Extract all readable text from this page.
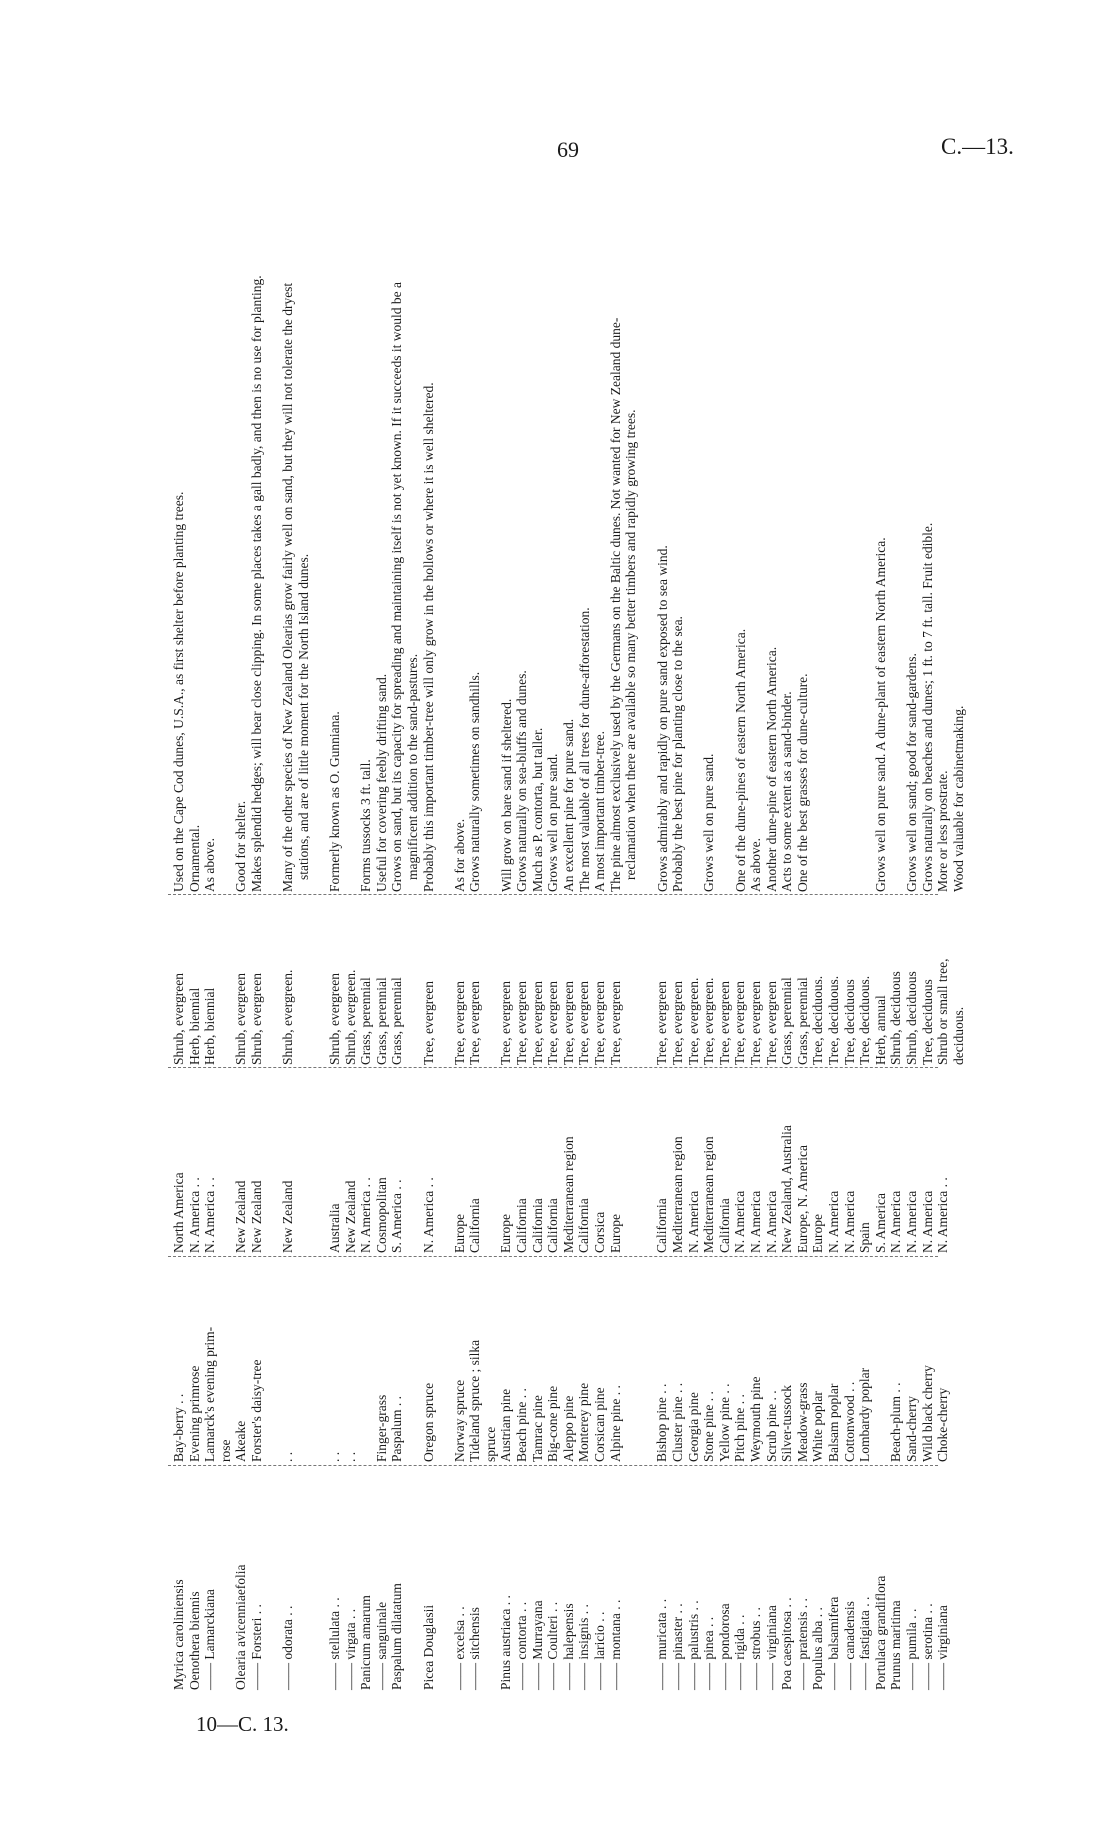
69	C.—13.
10—C. 13.
Myrica caroliniensis Oenothera biennis —— Lamarckiana Olearia avicenniaefolia —— Forsteri . . —— odorata . . —— stellulata . . —— virgata . . Panicum amarum —— sanguinale Paspalum dilatatum Picea Douglasii —— excelsa . . —— sitchensis Pinus austriaca . . —— contorta . . —— Murrayana —— Coulteri . . —— halepensis —— insignis . . —— laricio . . —— montana . . —— muricata . . —— pinaster . . —— palustris . . —— pinea . . —— pondorosa —— rigida . . —— strobus . . —— virginiana Poa caespitosa . . —— pratensis . . Populus alba . . —— balsamifera —— canadensis —— fastigiata . . Portulaca grandiflora Prunus maritima —— pumila . . —— serotina . . —— virginiana
Bay-berry . . Evening primrose Lamarck's evening prim- rose Akeake Forster's daisy-tree . . . . . . Finger-grass Paspalum . . Oregon spruce Norway spruce Tideland spruce ; silka spruce Austrian pine Beach pine . . Tamrac pine Big-cone pine Aleppo pine Monterey pine Corsican pine Alpine pine . . Bishop pine . . Cluster pine . . Georgia pine Stone pine . . Yellow pine . . Pitch pine . . Weymouth pine Scrub pine . . Silver-tussock Meadow-grass White poplar Balsam poplar Cottonwood . . Lombardy poplar Beach-plum . . Sand-cherry Wild black cherry Choke-cherry
North America N. America . . N. America . . New Zealand New Zealand New Zealand Australia New Zealand N. America . . Cosmopolitan S. America . . N. America . . Europe California Europe California California California Mediterranean region California Corsica Europe California Mediterranean region N. America Mediterranean region California N. America N. America N. America New Zealand, Australia Europe, N. America Europe N. America N. America Spain S. America N. America N. America N. America N. America . .
Shrub, evergreen Herb, biennial Herb, biennial Shrub, evergreen Shrub, evergreen Shrub, evergreen. Shrub, evergreen Shrub, evergreen. Grass, perennial Grass, perennial Grass, perennial Tree, evergreen Tree, evergreen Tree, evergreen Tree, evergreen Tree, evergreen Tree, evergreen Tree, evergreen Tree, evergreen Tree, evergreen Tree, evergreen Tree, evergreen Tree, evergreen Tree, evergreen Tree, evergreen. Tree, evergreen. Tree, evergreen Tree, evergreen Tree, evergreen Tree, evergreen Grass, perennial Grass, perennial Tree, deciduous. Tree, deciduous. Tree, deciduous Tree, deciduous. Herb, annual Shrub, deciduous Shrub, deciduous Tree, deciduous Shrub or small tree, deciduous.
Used on the Cape Cod dunes, U.S.A., as first shelter before planting trees. Ornamental. As above. Good for shelter. Makes splendid hedges; will bear close clipping. In some places takes a gall badly, and then is no use for planting. Many of the other species of New Zealand Olearias grow fairly well on sand, but they will not tolerate the dryest stations, and are of little moment for the North Island dunes. Formerly known as O. Gunniana. Forms tussocks 3 ft. tall. Useful for covering feebly drifting sand. Grows on sand, but its capacity for spreading and maintaining itself is not yet known. If it succeeds it would be a magnificent addition to the sand-pastures. Probably this important timber-tree will only grow in the hollows or where it is well sheltered. As for above. Grows naturally sometimes on sandhills. Will grow on bare sand if sheltered. Grows naturally on sea-bluffs and dunes. Much as P. contorta, but taller. Grows well on pure sand. An excellent pine for pure sand. The most valuable of all trees for dune-afforestation. A most important timber-tree. The pine almost exclusively used by the Germans on the Baltic dunes. Not wanted for New Zealand dune-reclamation when there are available so many better timbers and rapidly growing trees. Grows admirably and rapidly on pure sand exposed to sea wind. Probably the best pine for planting close to the sea. Grows well on pure sand. One of the dune-pines of eastern North America. As above. Another dune-pine of eastern North America. Acts to some extent as a sand-binder. One of the best grasses for dune-culture.	Grows well on pure sand. A dune-plant of eastern North America. Grows well on sand; good for sand-gardens. Grows naturally on beaches and dunes; 1 ft. to 7 ft. tall. Fruit edible. More or less prostrate. Wood valuable for cabinetmaking.
